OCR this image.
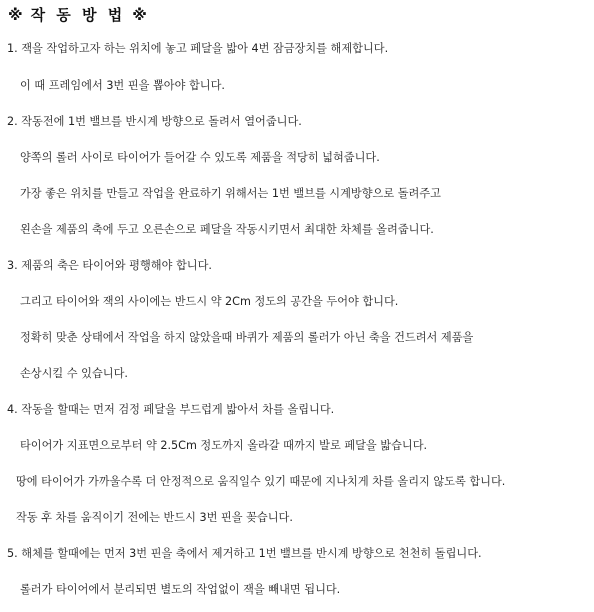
※ 작 동 방 법 ※
1. 잭을 작업하고자 하는 위치에 놓고 페달을 밟아 4번 잠금장치를 해제합니다.
이 때 프레임에서 3번 핀을 뽑아야 합니다.
2. 작동전에 1번 밸브를 반시계 방향으로 돌려서 열어줍니다.
양쪽의 롤러 사이로 타이어가 들어갈 수 있도록 제품을 적당히 넓혀줍니다.
가장 좋은 위치를 만들고 작업을 완료하기 위해서는 1번 밸브를 시계방향으로 돌려주고
왼손을 제품의 축에 두고 오른손으로 페달을 작동시키면서 최대한 차체를 올려줍니다.
3. 제품의 축은 타이어와 평행해야 합니다.
그리고 타이어와 잭의 사이에는 반드시 약 2Cm 정도의 공간을 두어야 합니다.
정확히 맞춘 상태에서 작업을 하지 않았을때 바퀴가 제품의 롤러가 아닌 축을 건드려서 제품을
손상시킬 수 있습니다.
4. 작동을 할때는 먼저 검정 페달을 부드럽게 밟아서 차를 올립니다.
타이어가 지표면으로부터 약 2.5Cm 정도까지 올라갈 때까지 발로 페달을 밟습니다.
땅에 타이어가 가까울수록 더 안정적으로 움직일수 있기 때문에 지나치게 차를 올리지 않도록 합니다.
작동 후 차를 움직이기 전에는 반드시 3번 핀을 꽂습니다.
5. 해체를 할때에는 먼저 3번 핀을 축에서 제거하고 1번 밸브를 반시계 방향으로 천천히 돌립니다.
롤러가 타이어에서 분리되면 별도의 작업없이 잭을 빼내면 됩니다.
